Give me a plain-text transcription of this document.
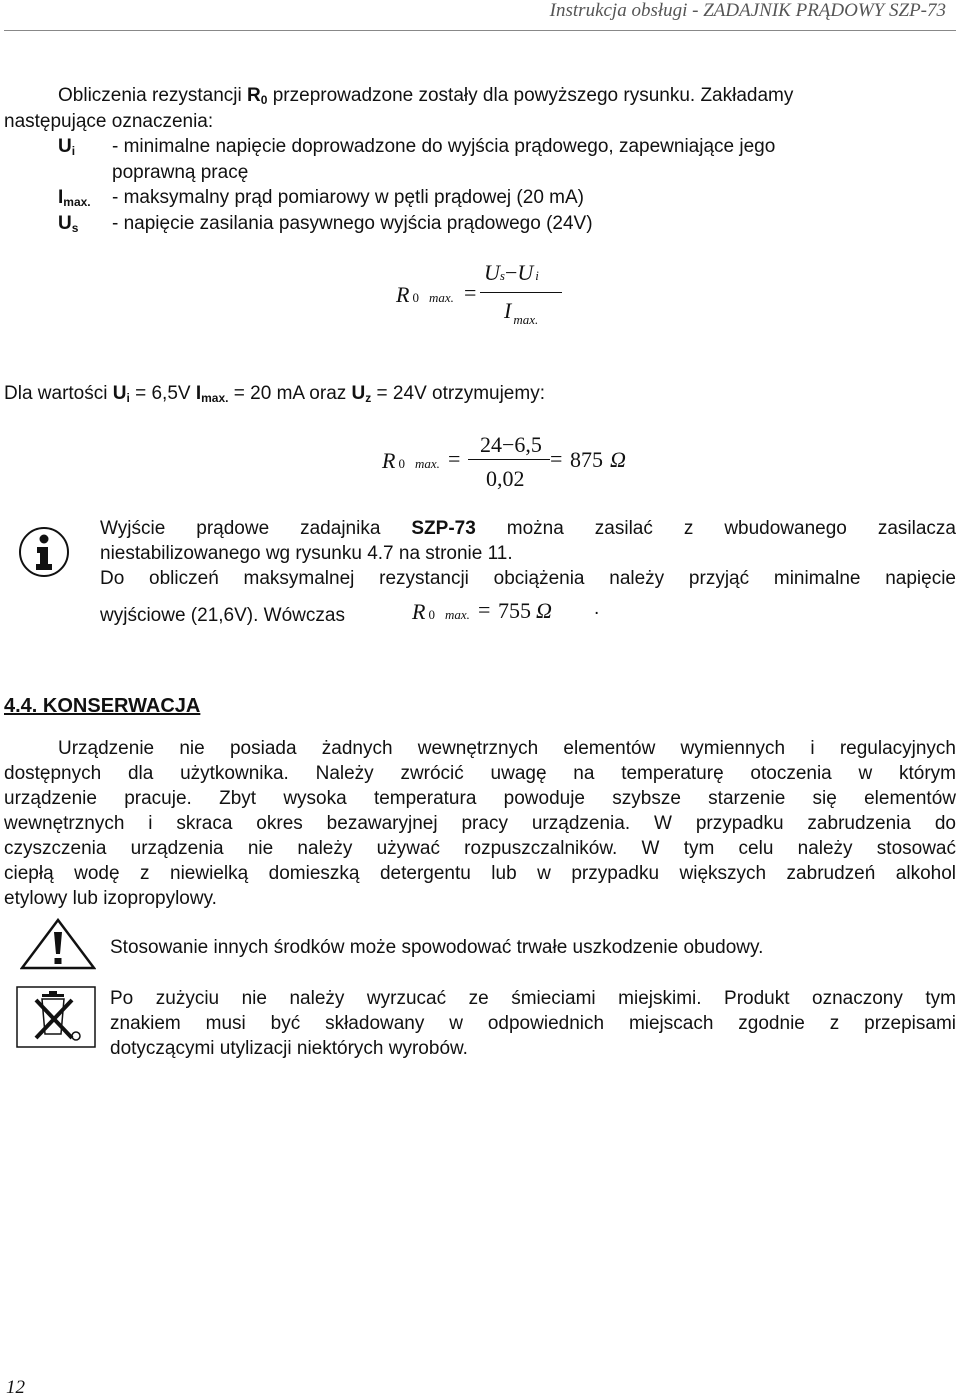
Instrukcja obsługi - ZADAJNIK PRĄDOWY SZP-73
Obliczenia rezystancji $R_0$ przeprowadzone zostały dla powyższego rysunku. Zakładamy
następujące oznaczenia:
$U_i$ - minimalne napięcie doprowadzone do wyjścia prądowego, zapewniające jego
poprawną pracę
$I_{max.}$ - maksymalny prąd pomiarowy w pętli prądowej (20 mA)
$U_s$ - napięcie zasilania pasywnego wyjścia prądowego (24V)
R 0 max. =
Us−U i
I $_{max.}$
Dla wartości $U_i = 6,5V$ $I_{max.} = 20$ mA oraz $U_z = 24V$ otrzymujemy:
R 0 max. =
24−6,5
0,02
= 875 Ω
Wyjście prądowe zadajnika SZP-73 można zasilać z wbudowanego zasilacza
niestabilizowanego wg rysunku 4.7 na stronie 11.
Do obliczeń maksymalnej rezystancji obciążenia należy przyjąć minimalne napięcie
wyjściowe (21,6V). Wówczas	R 0 max. = 755 Ω .
4.4. KONSERWACJA
Urządzenie nie posiada żadnych wewnętrznych elementów wymiennych i regulacyjnych
dostępnych dla użytkownika. Należy zwrócić uwagę na temperaturę otoczenia w którym
urządzenie pracuje. Zbyt wysoka temperatura powoduje szybsze starzenie się elementów
wewnętrznych i skraca okres bezawaryjnej pracy urządzenia. W przypadku zabrudzenia do
czyszczenia urządzenia nie należy używać rozpuszczalników. W tym celu należy stosować
ciepłą wodę z niewielką domieszką detergentu lub w przypadku większych zabrudzeń alkohol
etylowy lub izopropylowy.
Stosowanie innych środków może spowodować trwałe uszkodzenie obudowy.
Po zużyciu nie należy wyrzucać ze śmieciami miejskimi. Produkt oznaczony tym
znakiem musi być składowany w odpowiednich miejscach zgodnie z przepisami
dotyczącymi utylizacji niektórych wyrobów.
12
